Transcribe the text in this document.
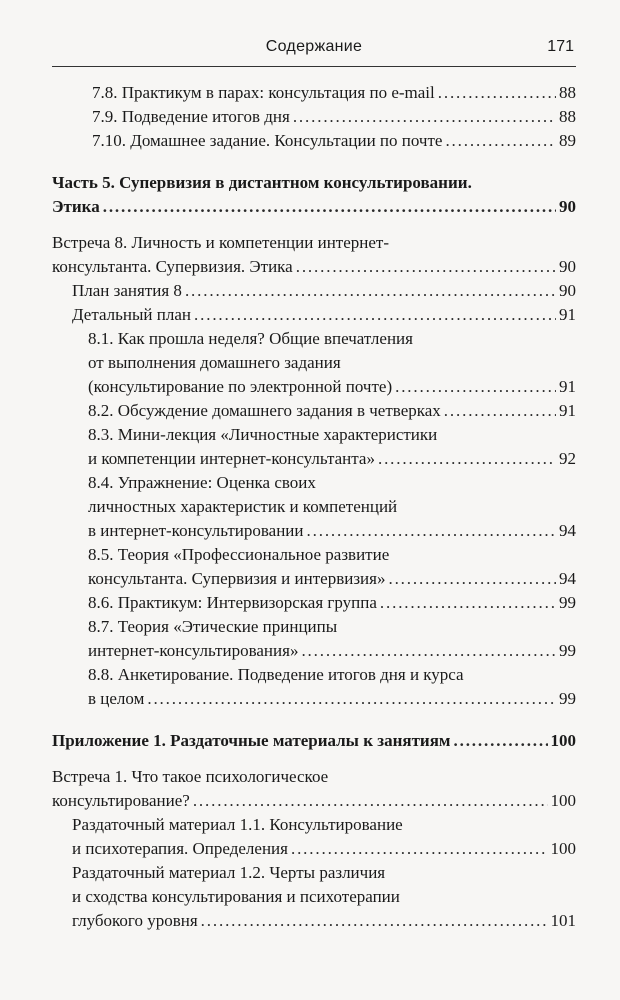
Содержание	171
7.8. Практикум в парах: консультация по e-mail . . .	88
7.9. Подведение итогов дня . . .	88
7.10. Домашнее задание. Консультации по почте . . .	89
Часть 5. Супервизия в дистантном консультировании.
Этика . . .	90
Встреча 8. Личность и компетенции интернет-
консультанта. Супервизия. Этика . . .	90
План занятия 8 . . .	90
Детальный план . . .	91
8.1. Как прошла неделя? Общие впечатления
от выполнения домашнего задания
(консультирование по электронной почте) . . .	91
8.2. Обсуждение домашнего задания в четверках . . .	91
8.3. Мини-лекция «Личностные характеристики
и компетенции интернет-консультанта» . . .	92
8.4. Упражнение: Оценка своих
личностных характеристик и компетенций
в интернет-консультировании . . .	94
8.5. Теория «Профессиональное развитие
консультанта. Супервизия и интервизия» . . .	94
8.6. Практикум: Интервизорская группа . . .	99
8.7. Теория «Этические принципы
интернет-консультирования» . . .	99
8.8. Анкетирование. Подведение итогов дня и курса
в целом . . .	99
Приложение 1. Раздаточные материалы к занятиям . . .	100
Встреча 1. Что такое психологическое
консультирование? . . .	100
Раздаточный материал 1.1. Консультирование
и психотерапия. Определения . . .	100
Раздаточный материал 1.2. Черты различия
и сходства консультирования и психотерапии
глубокого уровня . . .	101
